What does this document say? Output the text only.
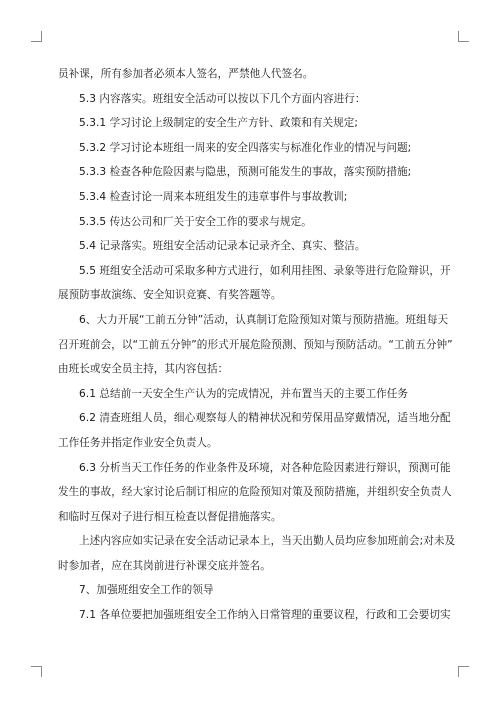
员补课，所有参加者必须本人签名，严禁他人代签名。
5.3 内容落实。班组安全活动可以按以下几个方面内容进行：
5.3.1 学习讨论上级制定的安全生产方针、政策和有关规定;
5.3.2 学习讨论本班组一周来的安全四落实与标准化作业的情况与问题;
5.3.3 检查各种危险因素与隐患，预测可能发生的事故，落实预防措施;
5.3.4 检查讨论一周来本班组发生的违章事件与事故教训;
5.3.5 传达公司和厂关于安全工作的要求与规定。
5.4 记录落实。班组安全活动记录本记录齐全、真实、整洁。
5.5 班组安全活动可采取多种方式进行，如利用挂图、录象等进行危险辩识，开
展预防事故演练、安全知识竞赛、有奖答题等。
6、大力开展“工前五分钟”活动，认真制订危险预知对策与预防措施。班组每天
召开班前会，以“工前五分钟”的形式开展危险预测、预知与预防活动。“工前五分钟”
由班长或安全员主持，其内容包括：
6.1 总结前一天安全生产认为的完成情况，并布置当天的主要工作任务
6.2 清查班组人员，细心观察每人的精神状况和劳保用品穿戴情况，适当地分配
工作任务并指定作业安全负责人。
6.3 分析当天工作任务的作业条件及环境，对各种危险因素进行辩识，预测可能
发生的事故，经大家讨论后制订相应的危险预知对策及预防措施，并组织安全负责人
和临时互保对子进行相互检查以督促措施落实。
上述内容应如实记录在安全活动记录本上，当天出勤人员均应参加班前会;对未及
时参加者，应在其岗前进行补课交底并签名。
7、加强班组安全工作的领导
7.1 各单位要把加强班组安全工作纳入日常管理的重要议程，行政和工会要切实
